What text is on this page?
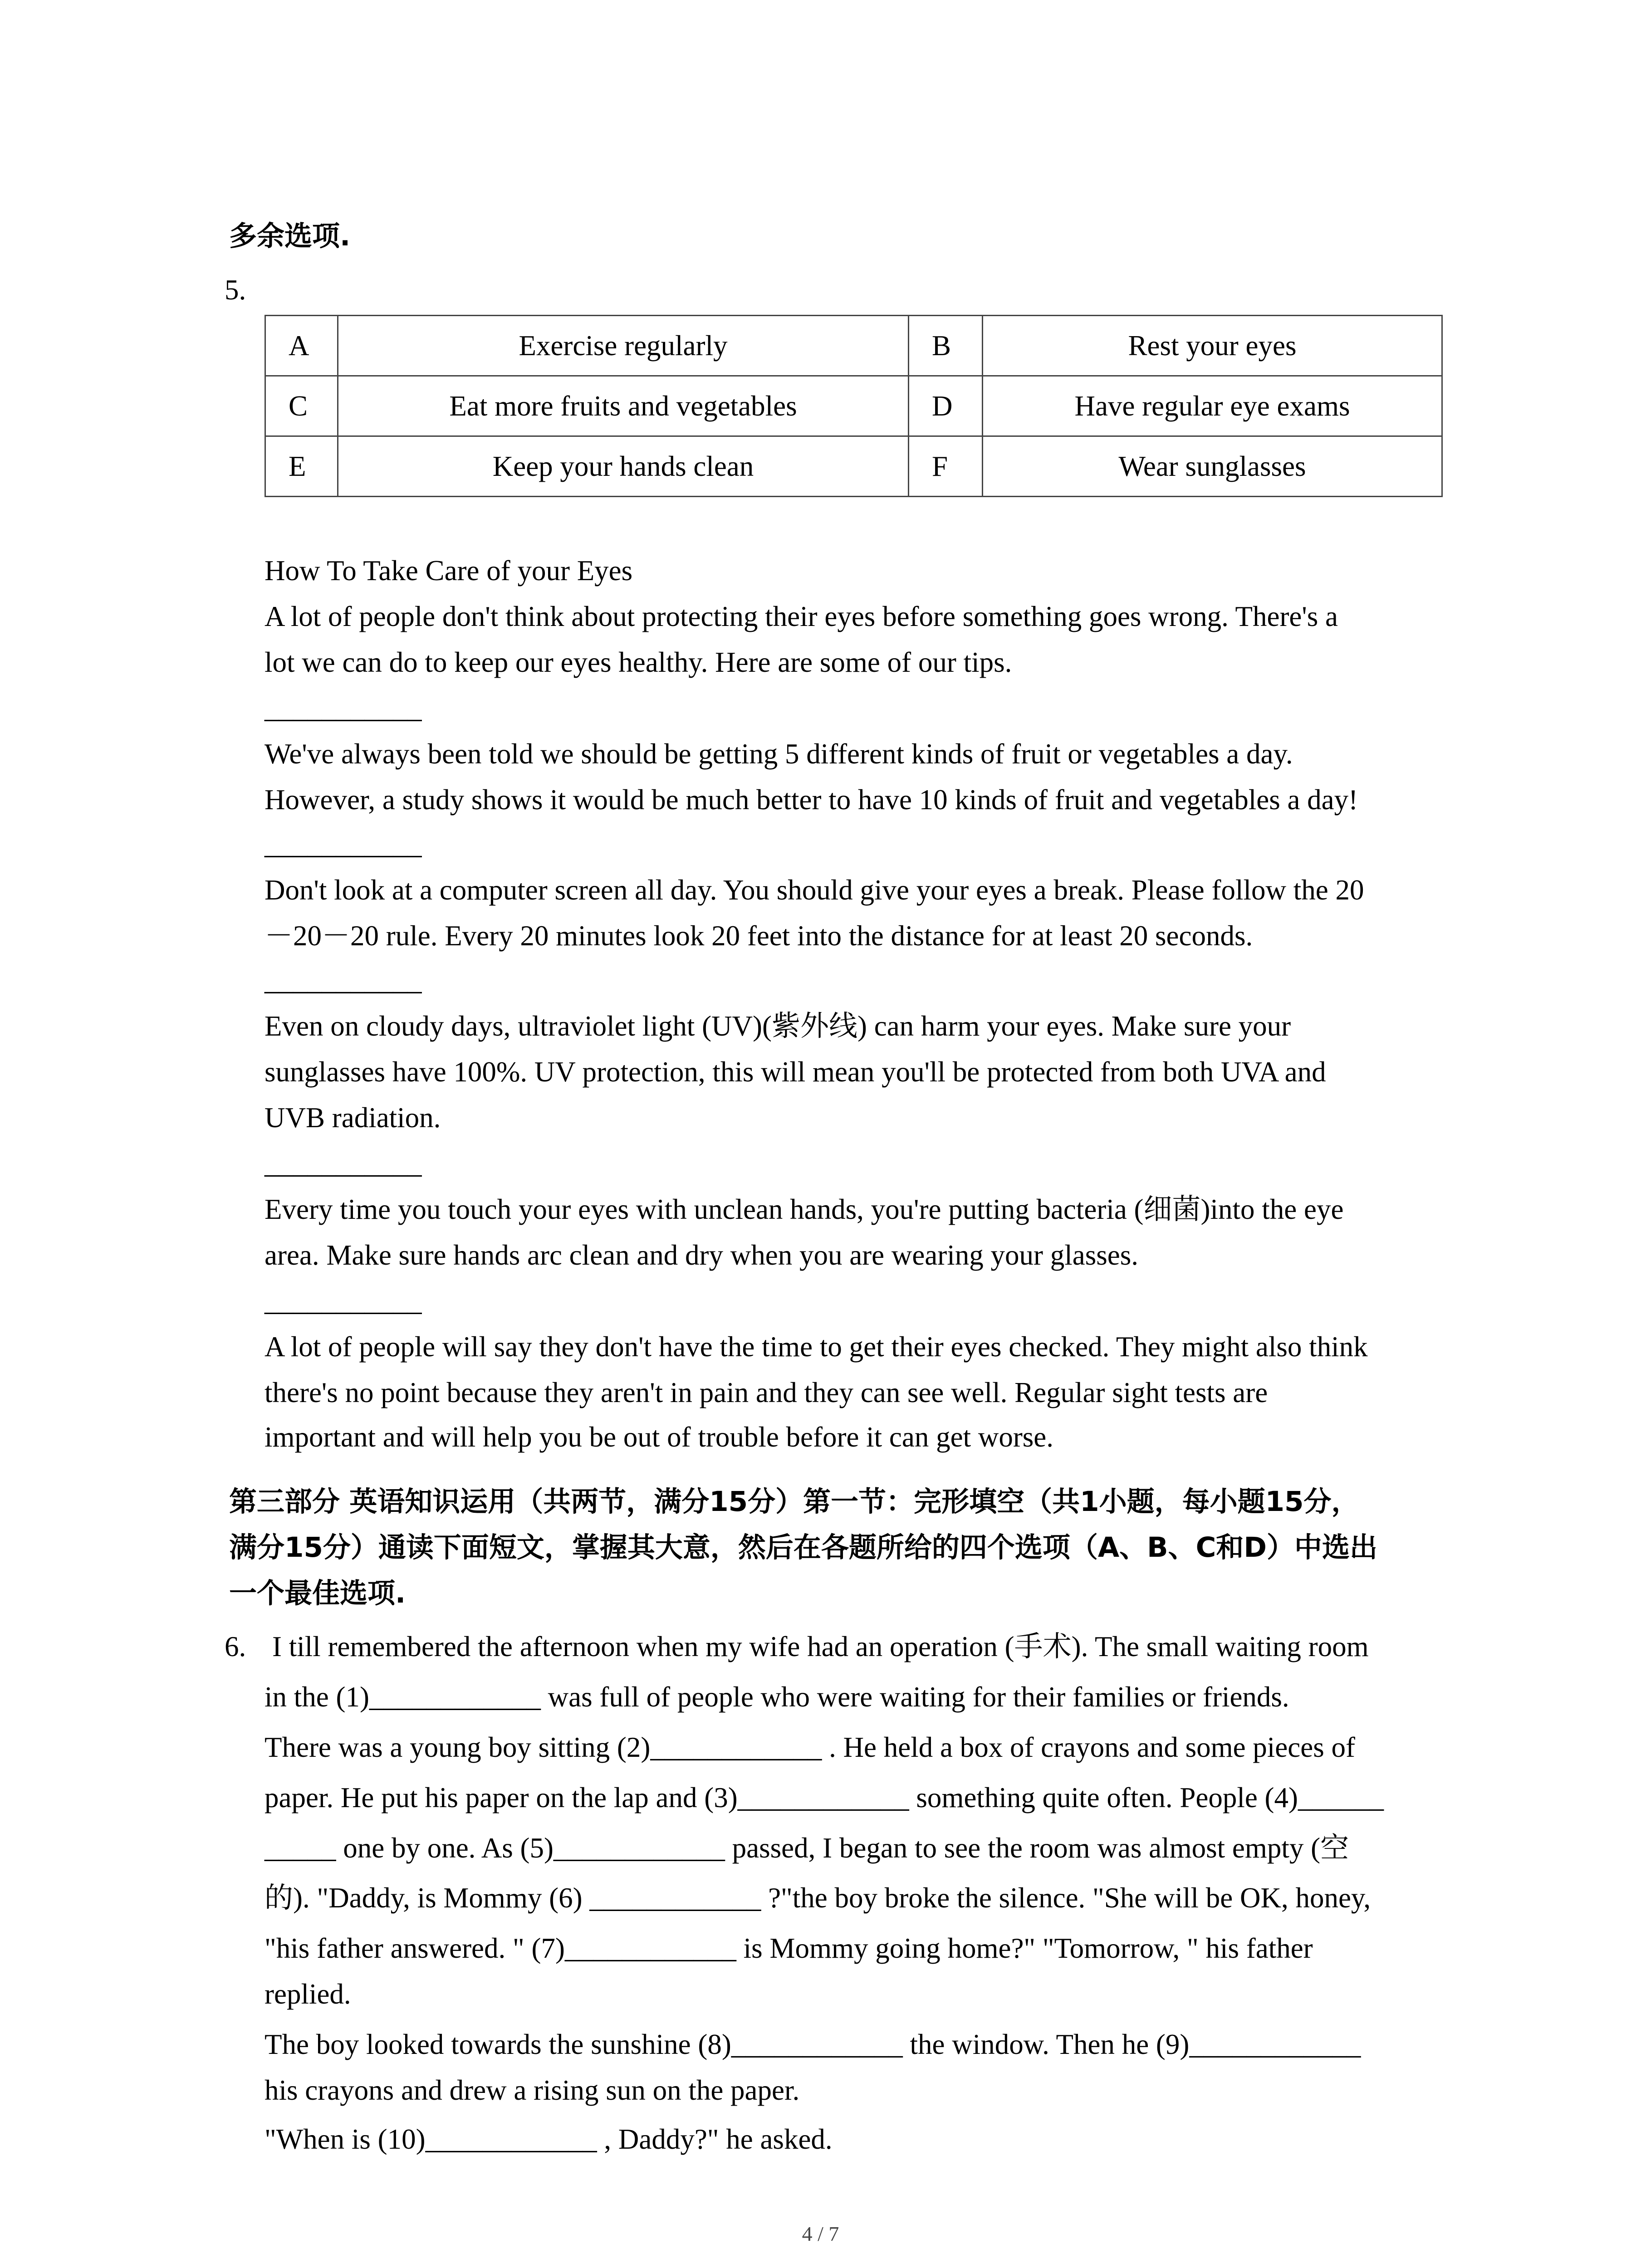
多余选项.
5.
A	Exercise regularly	B	Rest your eyes
C	Eat more fruits and vegetables	D	Have regular eye exams
E	Keep your hands clean	F	Wear sunglasses
How To Take Care of your Eyes
A lot of people don't think about protecting their eyes before something goes wrong. There's a
lot we can do to keep our eyes healthy. Here are some of our tips.
___________
We've always been told we should be getting 5 different kinds of fruit or vegetables a day.
However, a study shows it would be much better to have 10 kinds of fruit and vegetables a day!
___________
Don't look at a computer screen all day. You should give your eyes a break. Please follow the 20
－20－20 rule. Every 20 minutes look 20 feet into the distance for at least 20 seconds.
___________
Even on cloudy days, ultraviolet light (UV)(紫外线) can harm your eyes. Make sure your
sunglasses have 100%. UV protection, this will mean you'll be protected from both UVA and
UVB radiation.
___________
Every time you touch your eyes with unclean hands, you're putting bacteria (细菌)into the eye
area. Make sure hands arc clean and dry when you are wearing your glasses.
___________
A lot of people will say they don't have the time to get their eyes checked. They might also think
there's no point because they aren't in pain and they can see well. Regular sight tests are
important and will help you be out of trouble before it can get worse.
第三部分 英语知识运用（共两节，满分15分）第一节：完形填空（共1小题，每小题15分，
满分15分）通读下面短文，掌握其大意，然后在各题所给的四个选项（A、B、C和D）中选出
一个最佳选项.
6. I till remembered the afternoon when my wife had an operation (手术). The small waiting room
in the (1)____________ was full of people who were waiting for their families or friends.
There was a young boy sitting (2)____________ . He held a box of crayons and some pieces of
paper. He put his paper on the lap and (3)____________ something quite often. People (4)______
_____ one by one. As (5)____________ passed, I began to see the room was almost empty (空
的). "Daddy, is Mommy (6) ____________ ?"the boy broke the silence. "She will be OK, honey,
"his father answered. " (7)____________ is Mommy going home?" "Tomorrow, " his father
replied.
The boy looked towards the sunshine (8)____________ the window. Then he (9)____________
his crayons and drew a rising sun on the paper.
"When is (10)____________ , Daddy?" he asked.
4 / 7
